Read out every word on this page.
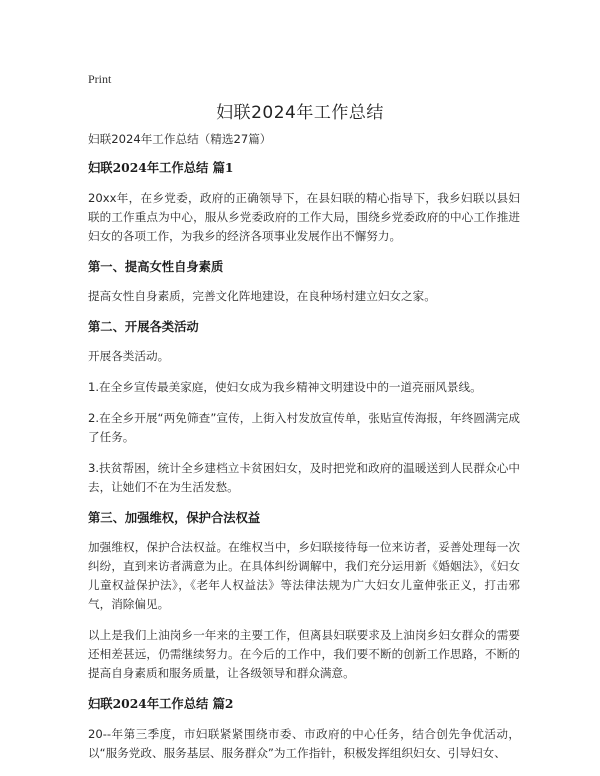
Print
妇联2024年工作总结

妇联2024年工作总结（精选27篇）

妇联2024年工作总结 篇1

20xx年，在乡党委，政府的正确领导下，在县妇联的精心指导下，我乡妇联以县妇联的工作重点为中心，服从乡党委政府的工作大局，围绕乡党委政府的中心工作推进妇女的各项工作，为我乡的经济各项事业发展作出不懈努力。

第一、提高女性自身素质

提高女性自身素质，完善文化阵地建设，在良种场村建立妇女之家。

第二、开展各类活动

开展各类活动。

1.在全乡宣传最美家庭，使妇女成为我乡精神文明建设中的一道亮丽风景线。

2.在全乡开展“两免筛查”宣传，上街入村发放宣传单，张贴宣传海报，年终圆满完成了任务。

3.扶贫帮困，统计全乡建档立卡贫困妇女，及时把党和政府的温暖送到人民群众心中去，让她们不在为生活发愁。

第三、加强维权，保护合法权益

加强维权，保护合法权益。在维权当中，乡妇联接待每一位来访者，妥善处理每一次纠纷，直到来访者满意为止。在具体纠纷调解中，我们充分运用新《婚姻法》，《妇女儿童权益保护法》，《老年人权益法》等法律法规为广大妇女儿童伸张正义，打击邪气，消除偏见。

以上是我们上油岗乡一年来的主要工作，但离县妇联要求及上油岗乡妇女群众的需要还相差甚远，仍需继续努力。在今后的工作中，我们要不断的创新工作思路，不断的提高自身素质和服务质量，让各级领导和群众满意。

妇联2024年工作总结 篇2

20--年第三季度，市妇联紧紧围绕市委、市政府的中心任务，结合创先争优活动，以“服务党政、服务基层、服务群众”为工作指针，积极发挥组织妇女、引导妇女、
